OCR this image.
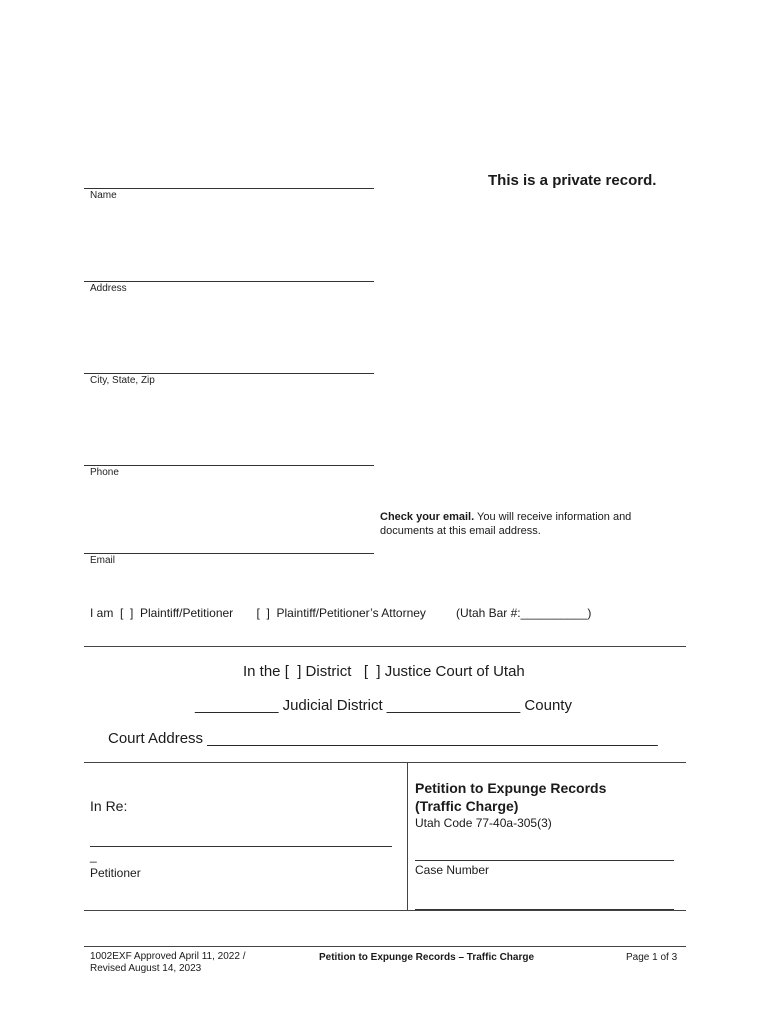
This is a private record.
Name
Address
City, State, Zip
Phone
Check your email. You will receive information and documents at this email address.
Email
I am  [  ]  Plaintiff/Petitioner       [  ]  Plaintiff/Petitioner’s Attorney         (Utah Bar #:__________)
In the [  ] District   [  ] Justice Court of Utah
__________ Judicial District ________________ County
Court Address ______________________________________________________
In Re:
_
Petitioner
Petition to Expunge Records
(Traffic Charge)
Utah Code 77-40a-305(3)
Case Number
1002EXF Approved April 11, 2022 /
Revised August 14, 2023
Petition to Expunge Records – Traffic Charge	Page 1 of 3
